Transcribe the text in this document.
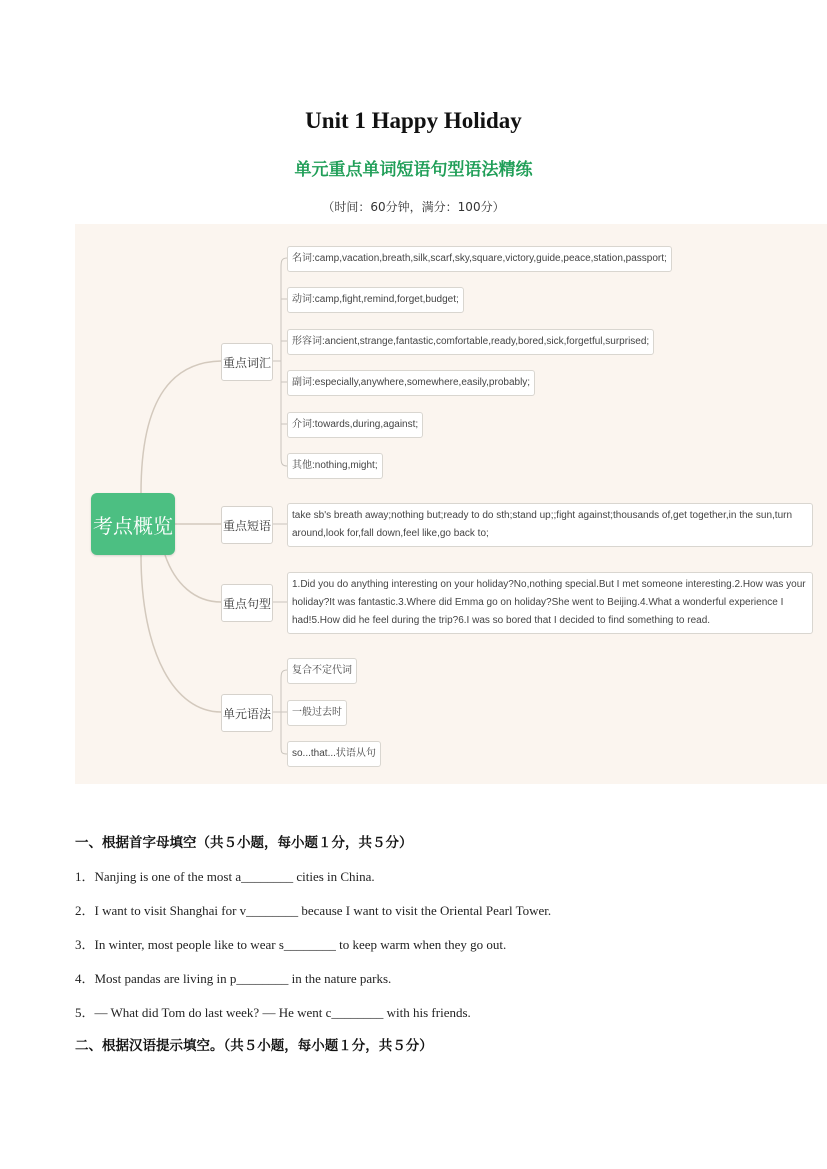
Unit 1 Happy Holiday
单元重点单词短语句型语法精练
（时间：60分钟，满分：100分）
考点概览
重点词汇
重点短语
重点句型
单元语法
名词:camp,vacation,breath,silk,scarf,sky,square,victory,guide,peace,station,passport;
动词:camp,fight,remind,forget,budget;
形容词:ancient,strange,fantastic,comfortable,ready,bored,sick,forgetful,surprised;
副词:especially,anywhere,somewhere,easily,probably;
介词:towards,during,against;
其他:nothing,might;
take sb's breath away;nothing but;ready to do sth;stand up;;fight against;thousands of,get together,in the sun,turn around,look for,fall down,feel like,go back to;
1.Did you do anything interesting on your holiday?No,nothing special.But I met someone interesting.2.How was your holiday?It was fantastic.3.Where did Emma go on holiday?She went to Beijing.4.What a wonderful experience I had!5.How did he feel during the trip?6.I was so bored that I decided to find something to read.
复合不定代词
一般过去时
so...that...状语从句
一、根据首字母填空（共５小题，每小题１分，共５分）
1．Nanjing is one of the most a________ cities in China.
2．I want to visit Shanghai for v________ because I want to visit the Oriental Pearl Tower.
3．In winter, most people like to wear s________ to keep warm when they go out.
4．Most pandas are living in p________ in the nature parks.
5．— What did Tom do last week? — He went c________ with his friends.
二、根据汉语提示填空。（共５小题，每小题１分，共５分）
